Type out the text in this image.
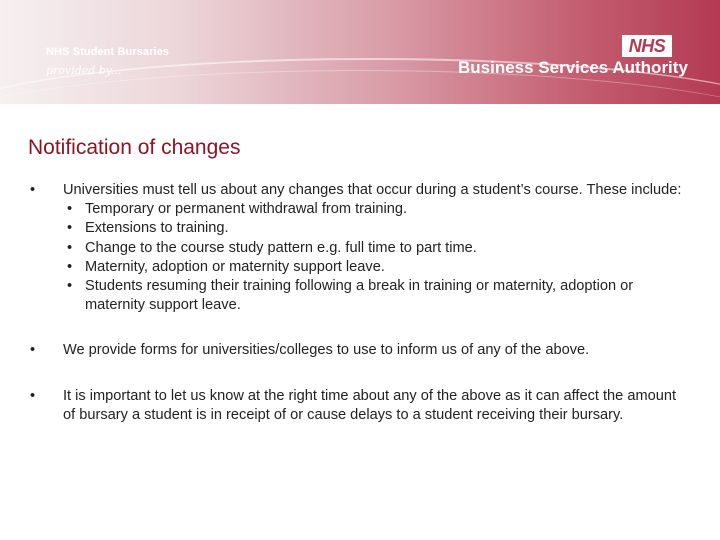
NHS Student Bursaries
provided by...
NHS
Business Services Authority
Notification of changes
• Universities must tell us about any changes that occur during a student’s course. These include:
• Temporary or permanent withdrawal from training.
• Extensions to training.
• Change to the course study pattern e.g. full time to part time.
• Maternity, adoption or maternity support leave.
• Students resuming their training following a break in training or maternity, adoption or maternity support leave.
• We provide forms for universities/colleges to use to inform us of any of the above.
• It is important to let us know at the right time about any of the above as it can affect the amount of bursary a student is in receipt of or cause delays to a student receiving their bursary.
